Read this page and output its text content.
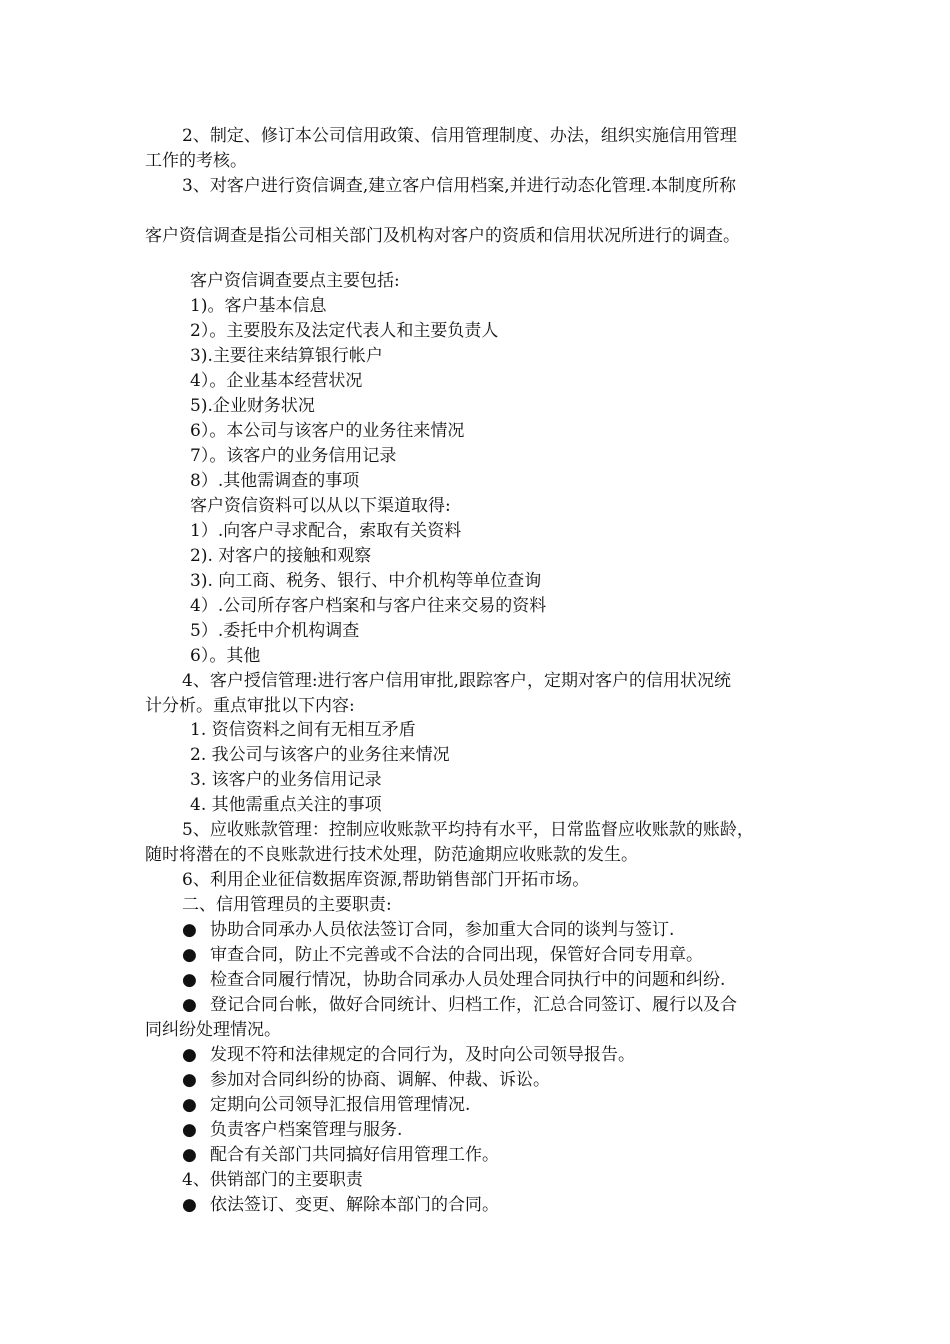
2、制定、修订本公司信用政策、信用管理制度、办法，组织实施信用管理

工作的考核。

3、对客户进行资信调查,建立客户信用档案,并进行动态化管理.本制度所称

客户资信调查是指公司相关部门及机构对客户的资质和信用状况所进行的调查。

客户资信调查要点主要包括:

1)。客户基本信息

2）。主要股东及法定代表人和主要负责人

3).主要往来结算银行帐户

4）。企业基本经营状况

5).企业财务状况

6）。本公司与该客户的业务往来情况

7）。该客户的业务信用记录

8）.其他需调查的事项

客户资信资料可以从以下渠道取得:

1）.向客户寻求配合，索取有关资料

2). 对客户的接触和观察

3). 向工商、税务、银行、中介机构等单位查询

4）.公司所存客户档案和与客户往来交易的资料

5）.委托中介机构调查

6）。其他

4、客户授信管理:进行客户信用审批,跟踪客户，定期对客户的信用状况统

计分析。重点审批以下内容:

1. 资信资料之间有无相互矛盾

2. 我公司与该客户的业务往来情况

3. 该客户的业务信用记录

4. 其他需重点关注的事项

5、应收账款管理：控制应收账款平均持有水平，日常监督应收账款的账龄，

随时将潜在的不良账款进行技术处理，防范逾期应收账款的发生。

6、利用企业征信数据库资源,帮助销售部门开拓市场。

二、信用管理员的主要职责:

● 协助合同承办人员依法签订合同，参加重大合同的谈判与签订.

● 审查合同，防止不完善或不合法的合同出现，保管好合同专用章。

● 检查合同履行情况，协助合同承办人员处理合同执行中的问题和纠纷.

● 登记合同台帐，做好合同统计、归档工作，汇总合同签订、履行以及合

同纠纷处理情况。

● 发现不符和法律规定的合同行为，及时向公司领导报告。

● 参加对合同纠纷的协商、调解、仲裁、诉讼。

● 定期向公司领导汇报信用管理情况.

● 负责客户档案管理与服务.

● 配合有关部门共同搞好信用管理工作。

4、供销部门的主要职责

● 依法签订、变更、解除本部门的合同。
